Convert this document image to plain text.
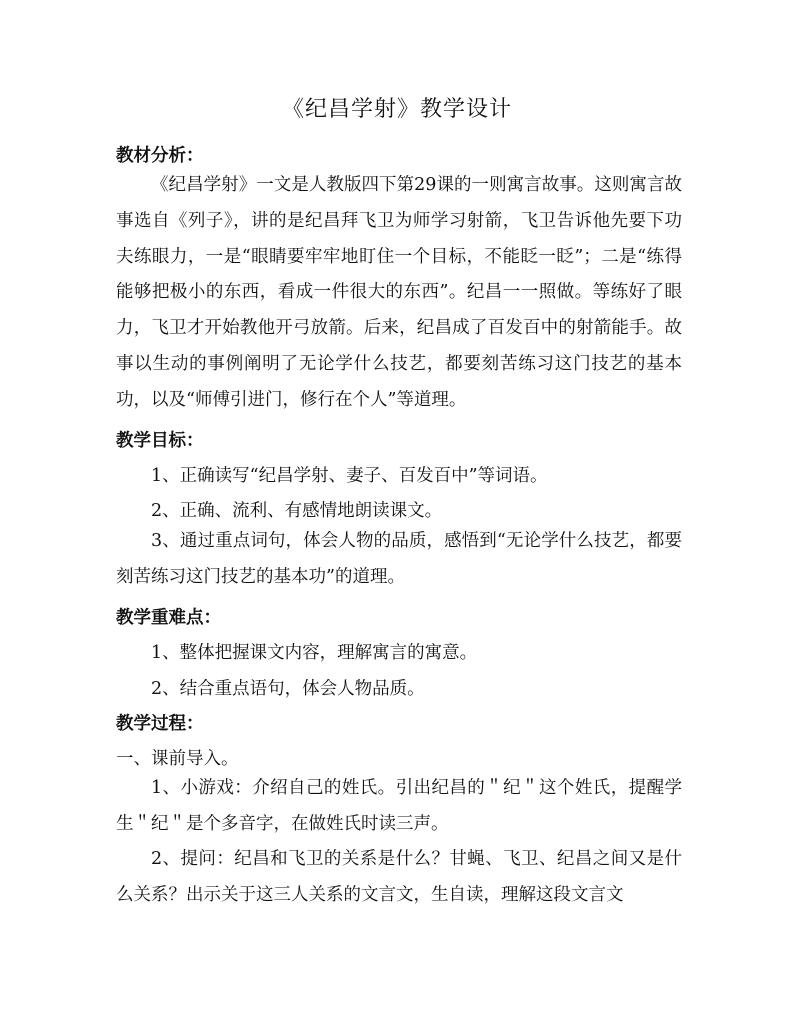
《纪昌学射》教学设计
教材分析：
《纪昌学射》一文是人教版四下第29课的一则寓言故事。这则寓言故事选自《列子》，讲的是纪昌拜飞卫为师学习射箭，飞卫告诉他先要下功夫练眼力，一是“眼睛要牢牢地盯住一个目标，不能眨一眨”；二是“练得能够把极小的东西，看成一件很大的东西”。纪昌一一照做。等练好了眼力，飞卫才开始教他开弓放箭。后来，纪昌成了百发百中的射箭能手。故事以生动的事例阐明了无论学什么技艺，都要刻苦练习这门技艺的基本功，以及“师傅引进门，修行在个人”等道理。
教学目标：
1、正确读写“纪昌学射、妻子、百发百中”等词语。
2、正确、流利、有感情地朗读课文。
3、通过重点词句，体会人物的品质，感悟到“无论学什么技艺，都要刻苦练习这门技艺的基本功”的道理。
教学重难点：
1、整体把握课文内容，理解寓言的寓意。
2、结合重点语句，体会人物品质。
教学过程：
一、课前导入。
1、小游戏：介绍自己的姓氏。引出纪昌的＂纪＂这个姓氏，提醒学生＂纪＂是个多音字，在做姓氏时读三声。
2、提问：纪昌和飞卫的关系是什么？甘蝇、飞卫、纪昌之间又是什么关系？出示关于这三人关系的文言文，生自读，理解这段文言文
